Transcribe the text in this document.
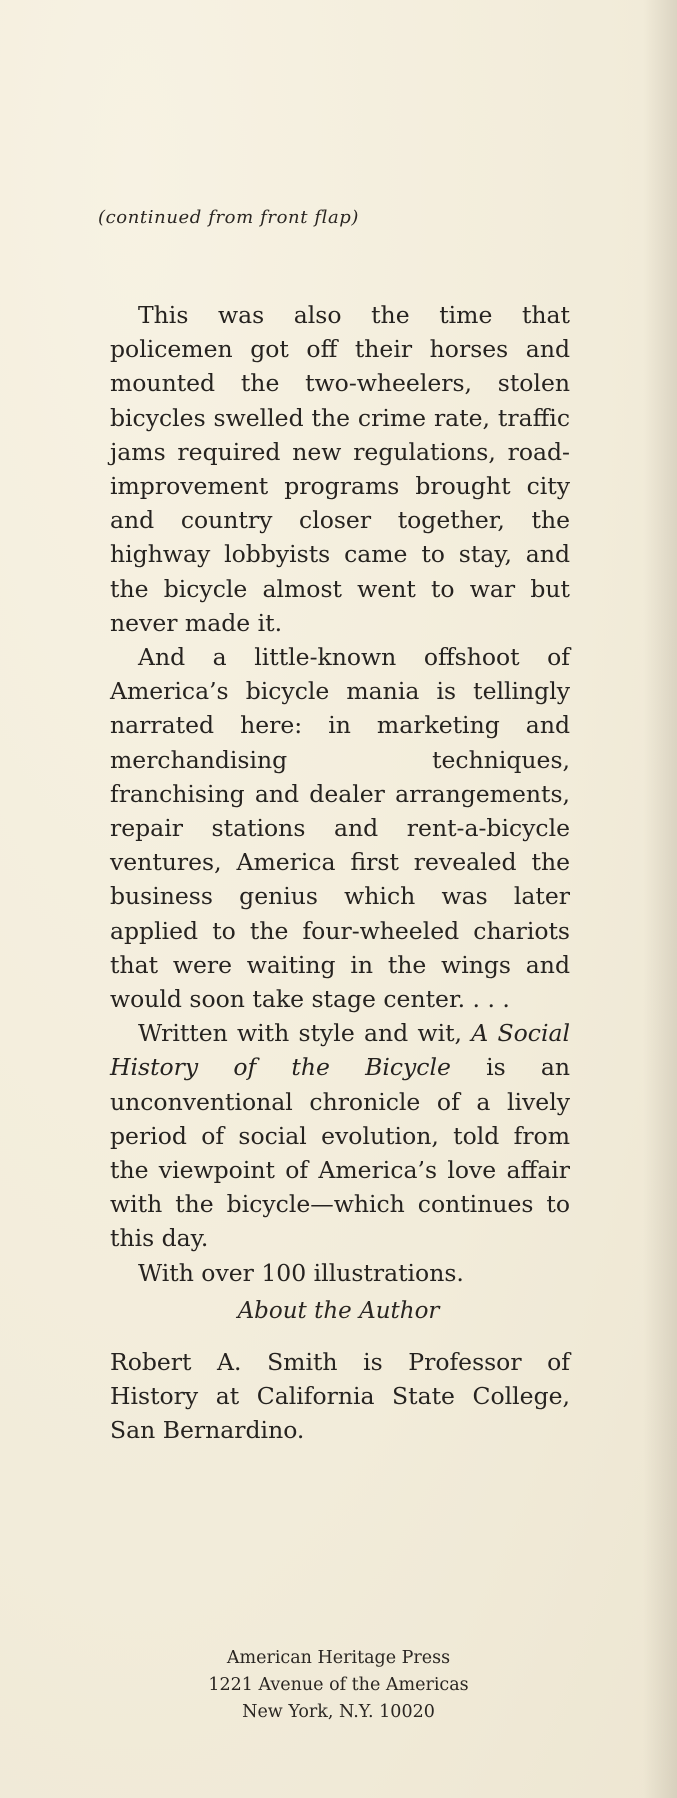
(continued from front flap)

This was also the time that policemen got off their horses and mounted the two-wheelers, stolen bicycles swelled the crime rate, traffic jams required new regulations, road-improvement programs brought city and country closer together, the highway lobbyists came to stay, and the bicycle almost went to war but never made it.

And a little-known offshoot of America’s bicycle mania is tellingly narrated here: in marketing and merchandising techniques, franchising and dealer arrangements, repair stations and rent-a-bicycle ventures, America first revealed the business genius which was later applied to the four-wheeled chariots that were waiting in the wings and would soon take stage center. . . .

Written with style and wit, A Social History of the Bicycle is an unconventional chronicle of a lively period of social evolution, told from the viewpoint of America’s love affair with the bicycle—which continues to this day.

With over 100 illustrations.

About the Author
Robert A. Smith is Professor of History at California State College, San Bernardino.
American Heritage Press
1221 Avenue of the Americas
New York, N.Y. 10020
